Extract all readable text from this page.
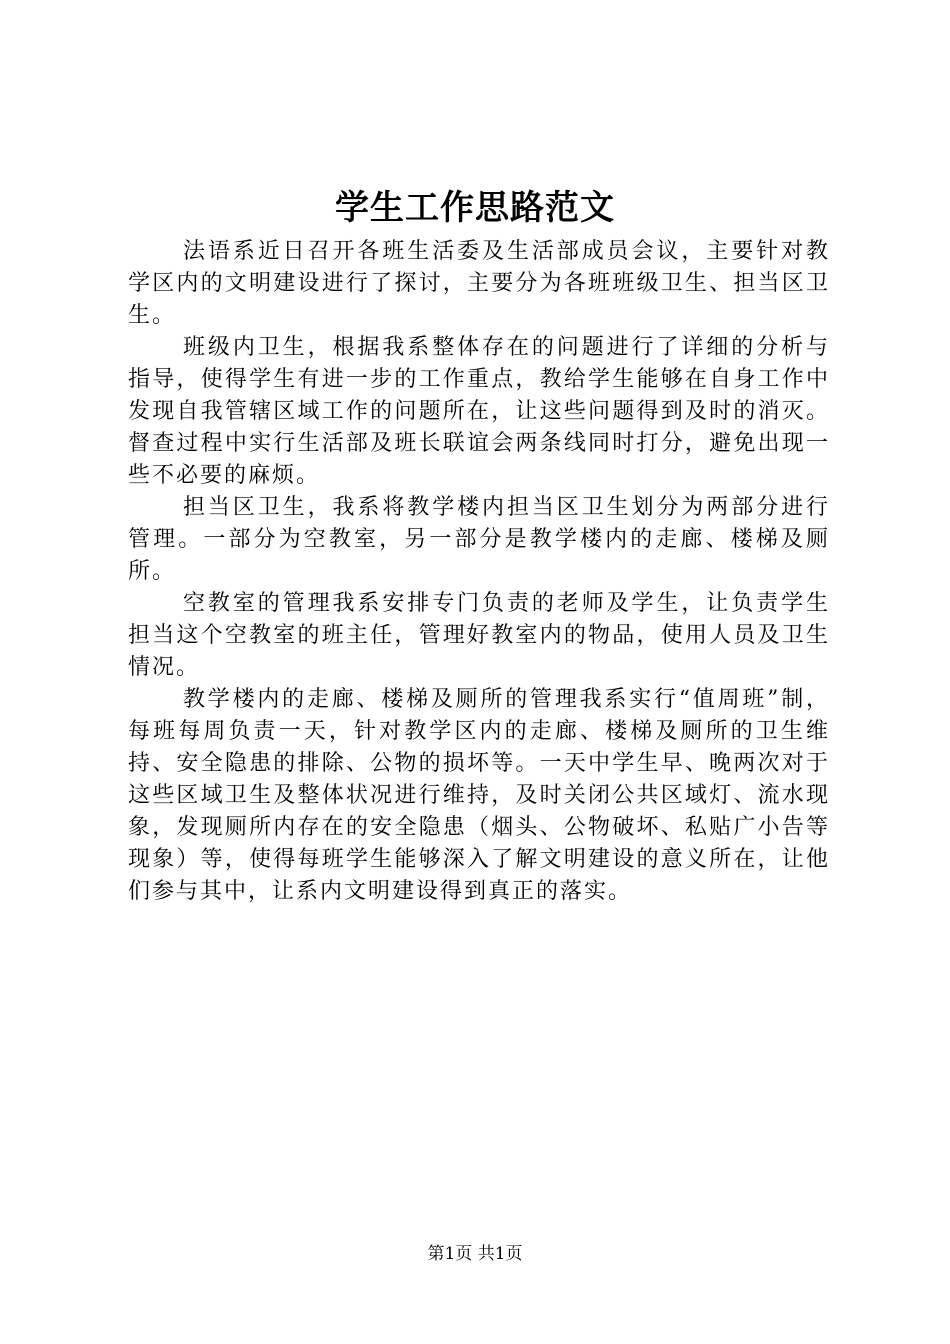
学生工作思路范文

法语系近日召开各班生活委及生活部成员会议，主要针对教学区内的文明建设进行了探讨，主要分为各班班级卫生、担当区卫生。

班级内卫生，根据我系整体存在的问题进行了详细的分析与指导，使得学生有进一步的工作重点，教给学生能够在自身工作中发现自我管辖区域工作的问题所在，让这些问题得到及时的消灭。督查过程中实行生活部及班长联谊会两条线同时打分，避免出现一些不必要的麻烦。

担当区卫生，我系将教学楼内担当区卫生划分为两部分进行管理。一部分为空教室，另一部分是教学楼内的走廊、楼梯及厕所。

空教室的管理我系安排专门负责的老师及学生，让负责学生担当这个空教室的班主任，管理好教室内的物品，使用人员及卫生情况。

教学楼内的走廊、楼梯及厕所的管理我系实行“值周班”制，每班每周负责一天，针对教学区内的走廊、楼梯及厕所的卫生维持、安全隐患的排除、公物的损坏等。一天中学生早、晚两次对于这些区域卫生及整体状况进行维持，及时关闭公共区域灯、流水现象，发现厕所内存在的安全隐患（烟头、公物破坏、私贴广小告等现象）等，使得每班学生能够深入了解文明建设的意义所在，让他们参与其中，让系内文明建设得到真正的落实。

第1页 共1页
